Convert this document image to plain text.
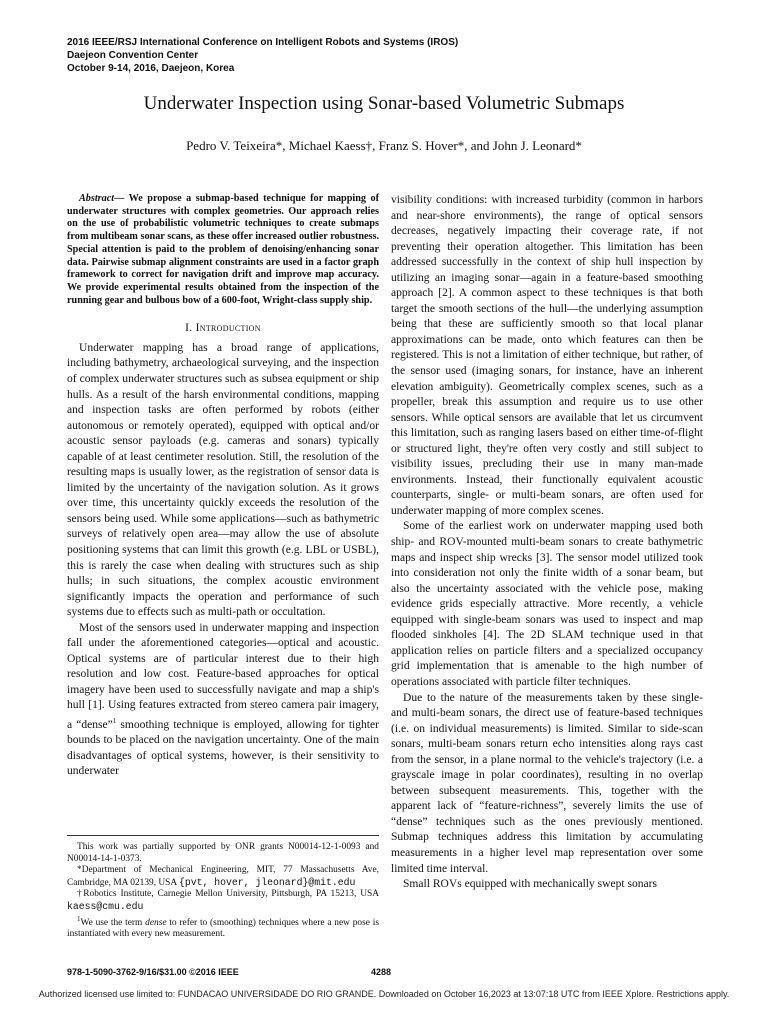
2016 IEEE/RSJ International Conference on Intelligent Robots and Systems (IROS)
Daejeon Convention Center
October 9-14, 2016, Daejeon, Korea
Underwater Inspection using Sonar-based Volumetric Submaps
Pedro V. Teixeira*, Michael Kaess†, Franz S. Hover*, and John J. Leonard*

Abstract— We propose a submap-based technique for mapping of underwater structures with complex geometries. Our approach relies on the use of probabilistic volumetric techniques to create submaps from multibeam sonar scans, as these offer increased outlier robustness. Special attention is paid to the problem of denoising/enhancing sonar data. Pairwise submap alignment constraints are used in a factor graph framework to correct for navigation drift and improve map accuracy. We provide experimental results obtained from the inspection of the running gear and bulbous bow of a 600-foot, Wright-class supply ship.

I. Introduction

Underwater mapping has a broad range of applications, including bathymetry, archaeological surveying, and the inspection of complex underwater structures such as subsea equipment or ship hulls. As a result of the harsh environmental conditions, mapping and inspection tasks are often performed by robots (either autonomous or remotely operated), equipped with optical and/or acoustic sensor payloads (e.g. cameras and sonars) typically capable of at least centimeter resolution. Still, the resolution of the resulting maps is usually lower, as the registration of sensor data is limited by the uncertainty of the navigation solution. As it grows over time, this uncertainty quickly exceeds the resolution of the sensors being used. While some applications—such as bathymetric surveys of relatively open area—may allow the use of absolute positioning systems that can limit this growth (e.g. LBL or USBL), this is rarely the case when dealing with structures such as ship hulls; in such situations, the complex acoustic environment significantly impacts the operation and performance of such systems due to effects such as multi-path or occultation.

Most of the sensors used in underwater mapping and inspection fall under the aforementioned categories—optical and acoustic. Optical systems are of particular interest due to their high resolution and low cost. Feature-based approaches for optical imagery have been used to successfully navigate and map a ship's hull [1]. Using features extracted from stereo camera pair imagery, a “dense”$^1$ smoothing technique is employed, allowing for tighter bounds to be placed on the navigation uncertainty. One of the main disadvantages of optical systems, however, is their sensitivity to underwater

This work was partially supported by ONR grants N00014-12-1-0093 and N00014-14-1-0373.

*Department of Mechanical Engineering, MIT, 77 Massachusetts Ave, Cambridge, MA 02139, USA {pvt, hover, jleonard}@mit.edu

†Robotics Institute, Carnegie Mellon University, Pittsburgh, PA 15213, USA kaess@cmu.edu

$^1$We use the term dense to refer to (smoothing) techniques where a new pose is instantiated with every new measurement.

visibility conditions: with increased turbidity (common in harbors and near-shore environments), the range of optical sensors decreases, negatively impacting their coverage rate, if not preventing their operation altogether. This limitation has been addressed successfully in the context of ship hull inspection by utilizing an imaging sonar—again in a feature-based smoothing approach [2]. A common aspect to these techniques is that both target the smooth sections of the hull—the underlying assumption being that these are sufficiently smooth so that local planar approximations can be made, onto which features can then be registered. This is not a limitation of either technique, but rather, of the sensor used (imaging sonars, for instance, have an inherent elevation ambiguity). Geometrically complex scenes, such as a propeller, break this assumption and require us to use other sensors. While optical sensors are available that let us circumvent this limitation, such as ranging lasers based on either time-of-flight or structured light, they're often very costly and still subject to visibility issues, precluding their use in many man-made environments. Instead, their functionally equivalent acoustic counterparts, single- or multi-beam sonars, are often used for underwater mapping of more complex scenes.

Some of the earliest work on underwater mapping used both ship- and ROV-mounted multi-beam sonars to create bathymetric maps and inspect ship wrecks [3]. The sensor model utilized took into consideration not only the finite width of a sonar beam, but also the uncertainty associated with the vehicle pose, making evidence grids especially attractive. More recently, a vehicle equipped with single-beam sonars was used to inspect and map flooded sinkholes [4]. The 2D SLAM technique used in that application relies on particle filters and a specialized occupancy grid implementation that is amenable to the high number of operations associated with particle filter techniques.

Due to the nature of the measurements taken by these single- and multi-beam sonars, the direct use of feature-based techniques (i.e. on individual measurements) is limited. Similar to side-scan sonars, multi-beam sonars return echo intensities along rays cast from the sensor, in a plane normal to the vehicle's trajectory (i.e. a grayscale image in polar coordinates), resulting in no overlap between subsequent measurements. This, together with the apparent lack of “feature-richness”, severely limits the use of “dense” techniques such as the ones previously mentioned. Submap techniques address this limitation by accumulating measurements in a higher level map representation over some limited time interval.

Small ROVs equipped with mechanically swept sonars

978-1-5090-3762-9/16/$31.00 ©2016 IEEE	4288
Authorized licensed use limited to: FUNDACAO UNIVERSIDADE DO RIO GRANDE. Downloaded on October 16,2023 at 13:07:18 UTC from IEEE Xplore. Restrictions apply.
